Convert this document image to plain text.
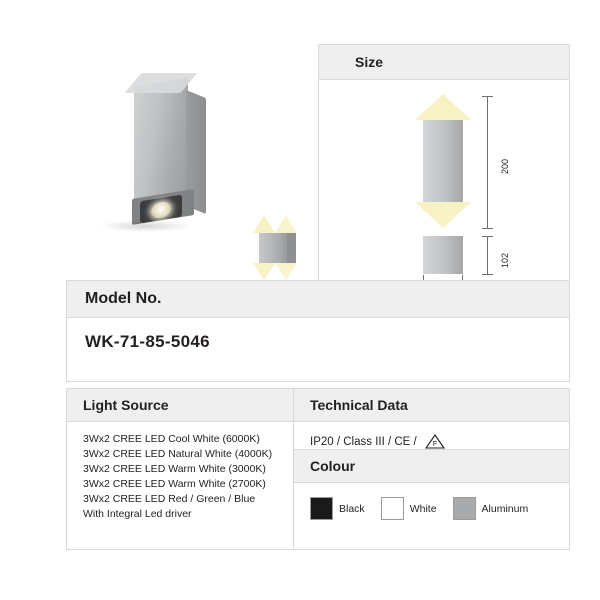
Size
200
102
Model No.
WK-71-85-5046
Light Source
3Wx2 CREE LED Cool White (6000K)
3Wx2 CREE LED Natural White (4000K)
3Wx2 CREE LED Warm White (3000K)
3Wx2 CREE LED Warm White (2700K)
3Wx2 CREE LED Red / Green / Blue
With Integral Led driver
Technical Data
IP20 / Class III / CE / F
Colour
Black	White	Aluminum
